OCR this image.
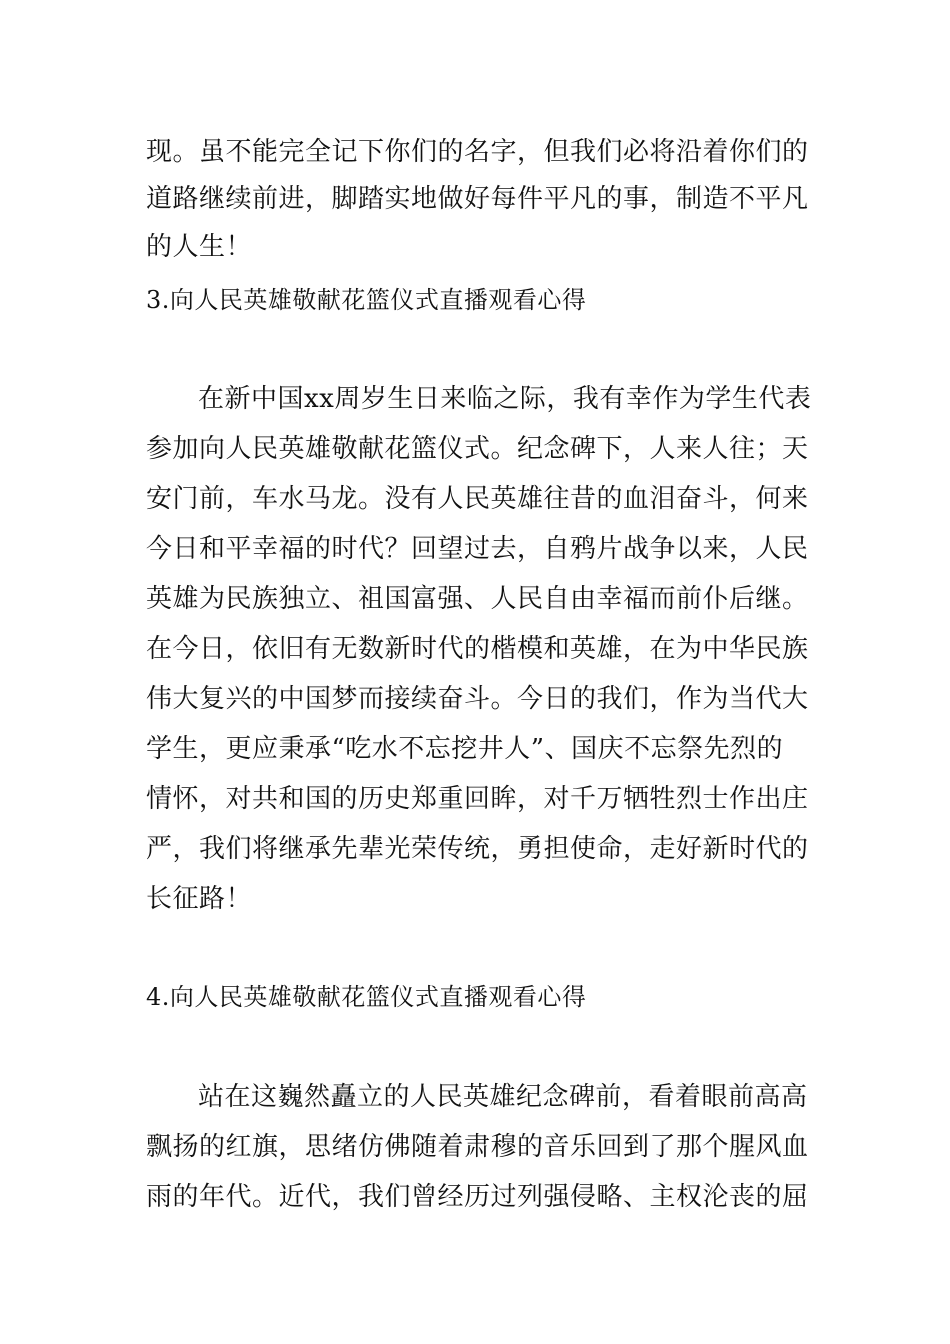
现。虽不能完全记下你们的名字，但我们必将沿着你们的
道路继续前进，脚踏实地做好每件平凡的事，制造不平凡
的人生！
3.向人民英雄敬献花篮仪式直播观看心得
在新中国xx周岁生日来临之际，我有幸作为学生代表
参加向人民英雄敬献花篮仪式。纪念碑下，人来人往；天
安门前，车水马龙。没有人民英雄往昔的血泪奋斗，何来
今日和平幸福的时代？回望过去，自鸦片战争以来，人民
英雄为民族独立、祖国富强、人民自由幸福而前仆后继。
在今日，依旧有无数新时代的楷模和英雄，在为中华民族
伟大复兴的中国梦而接续奋斗。今日的我们，作为当代大
学生，更应秉承“吃水不忘挖井人”、国庆不忘祭先烈的
情怀，对共和国的历史郑重回眸，对千万牺牲烈士作出庄
严，我们将继承先辈光荣传统，勇担使命，走好新时代的
长征路！
4.向人民英雄敬献花篮仪式直播观看心得
站在这巍然矗立的人民英雄纪念碑前，看着眼前高高
飘扬的红旗，思绪仿佛随着肃穆的音乐回到了那个腥风血
雨的年代。近代，我们曾经历过列强侵略、主权沦丧的屈
